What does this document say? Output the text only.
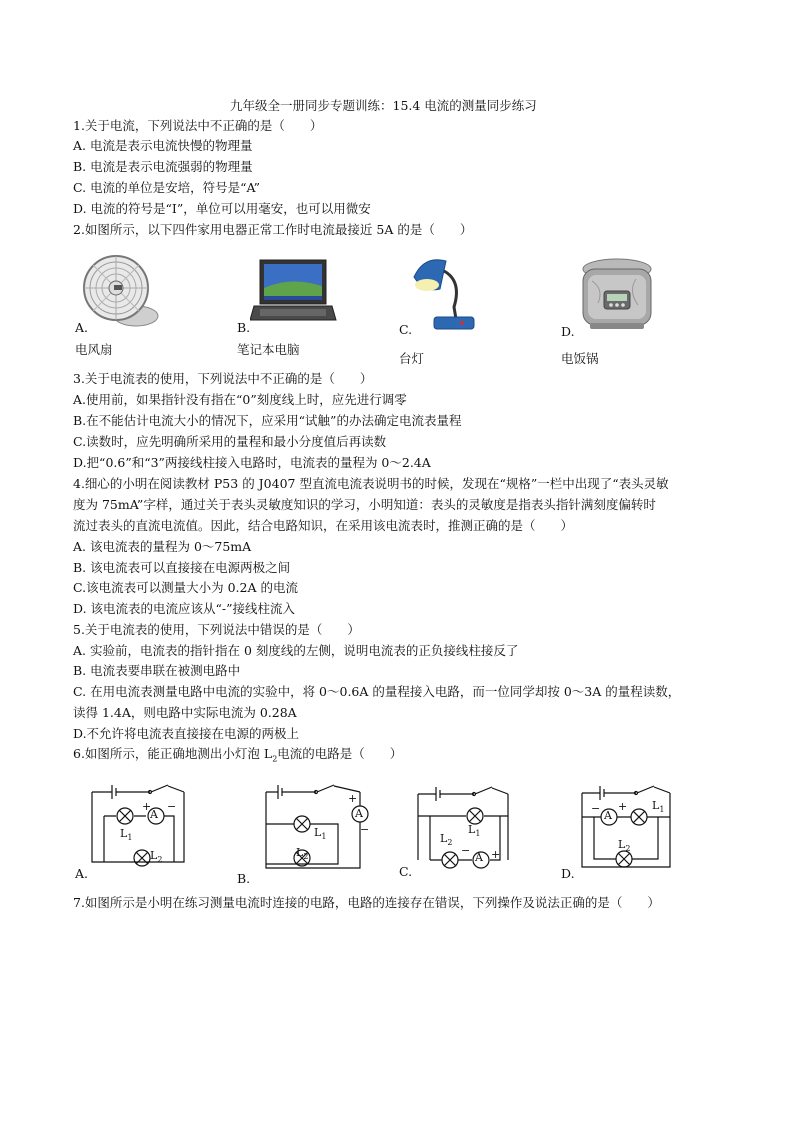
九年级全一册同步专题训练：15.4 电流的测量同步练习
1.关于电流，下列说法中不正确的是（　　）
A. 电流是表示电流快慢的物理量
B. 电流是表示电流强弱的物理量
C. 电流的单位是安培，符号是“A”
D. 电流的符号是“I”，单位可以用毫安，也可以用微安
2.如图所示，以下四件家用电器正常工作时电流最接近 5A 的是（　　）
A.
电风扇
B.
笔记本电脑
C.
台灯
D.
电饭锅
3.关于电流表的使用，下列说法中不正确的是（　　）
A.使用前，如果指针没有指在“0”刻度线上时，应先进行调零
B.在不能估计电流大小的情况下，应采用“试触”的办法确定电流表量程
C.读数时，应先明确所采用的量程和最小分度值后再读数
D.把“0.6”和“3”两接线柱接入电路时，电流表的量程为 0～2.4A
4.细心的小明在阅读教材 P53 的 J0407 型直流电流表说明书的时候，发现在“规格”一栏中出现了“表头灵敏
度为 75mA”字样，通过关于表头灵敏度知识的学习，小明知道：表头的灵敏度是指表头指针满刻度偏转时
流过表头的直流电流值。因此，结合电路知识，在采用该电流表时，推测正确的是（　　）
A. 该电流表的量程为 0～75mA
B. 该电流表可以直接接在电源两极之间
C.该电流表可以测量大小为 0.2A 的电流
D. 该电流表的电流应该从“-”接线柱流入
5.关于电流表的使用，下列说法中错误的是（　　）
A. 实验前，电流表的指针指在 0 刻度线的左侧，说明电流表的正负接线柱接反了
B. 电流表要串联在被测电路中
C. 在用电流表测量电路中电流的实验中，将 0～0.6A 的量程接入电路，而一位同学却按 0～3A 的量程读数，
读得 1.4A，则电路中实际电流为 0.28A
D.不允许将电流表直接接在电源的两极上
6.如图所示，能正确地测出小灯泡 $L_2$电流的电路是（　　）
A
+ −
$L_1$
$L_2$
A.
A
+
−
$L_1$
$L_2$
B.
A
− +
$L_1$
$L_2$
C.
A
− + $L_1$
$L_2$
D.
7.如图所示是小明在练习测量电流时连接的电路，电路的连接存在错误，下列操作及说法正确的是（　　）
